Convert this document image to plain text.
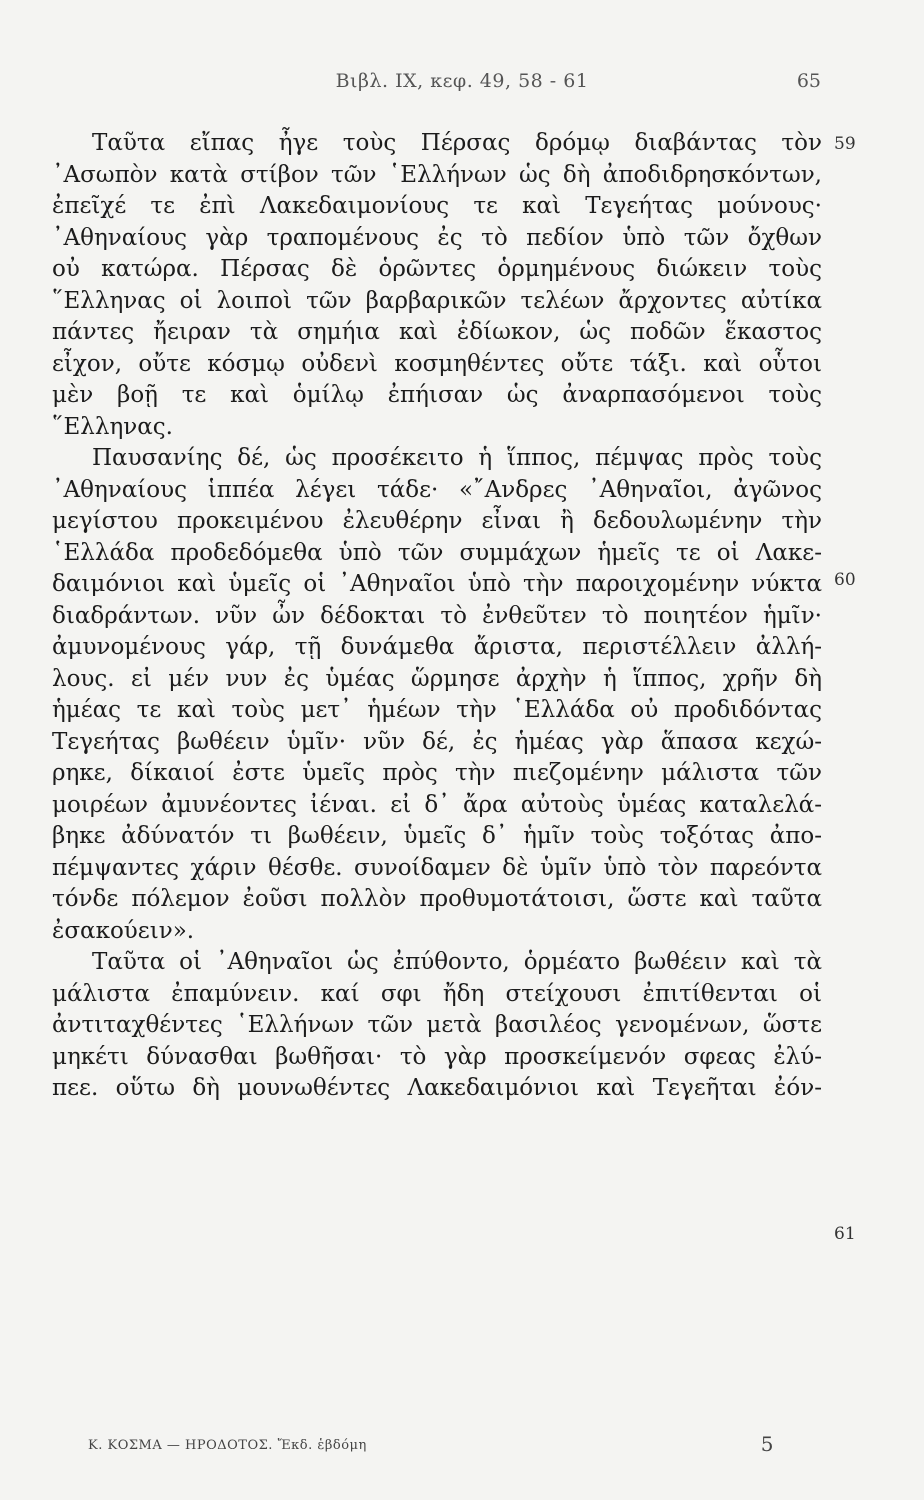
Βιβλ. IX, κεφ. 49, 58 - 61	65
Ταῦτα εἴπας ἦγε τοὺς Πέρσας δρόμῳ διαβάντας τὸν
᾿Ασωπὸν κατὰ στίβον τῶν ῾Ελλήνων ὡς δὴ ἀποδιδρησκόντων,
ἐπεῖχέ τε ἐπὶ Λακεδαιμονίους τε καὶ Τεγεήτας μούνους·
᾿Αθηναίους γὰρ τραπομένους ἐς τὸ πεδίον ὑπὸ τῶν ὄχθων
οὐ κατώρα. Πέρσας δὲ ὁρῶντες ὁρμημένους διώκειν τοὺς
῞Ελληνας οἱ λοιποὶ τῶν βαρβαρικῶν τελέων ἄρχοντες αὐτίκα
πάντες ἤειραν τὰ σημήια καὶ ἐδίωκον, ὡς ποδῶν ἕκαστος
εἶχον, οὔτε κόσμῳ οὐδενὶ κοσμηθέντες οὔτε τάξι. καὶ οὗτοι
μὲν βοῇ τε καὶ ὁμίλῳ ἐπήισαν ὡς ἀναρπασόμενοι τοὺς
῞Ελληνας.
Παυσανίης δέ, ὡς προσέκειτο ἡ ἵππος, πέμψας πρὸς τοὺς
᾿Αθηναίους ἱππέα λέγει τάδε· «῎Ανδρες ᾿Αθηναῖοι, ἀγῶνος
μεγίστου προκειμένου ἐλευθέρην εἶναι ἢ δεδουλωμένην τὴν
῾Ελλάδα προδεδόμεθα ὑπὸ τῶν συμμάχων ἡμεῖς τε οἱ Λακε-
δαιμόνιοι καὶ ὑμεῖς οἱ ᾿Αθηναῖοι ὑπὸ τὴν παροιχομένην νύκτα
διαδράντων. νῦν ὦν δέδοκται τὸ ἐνθεῦτεν τὸ ποιητέον ἡμῖν·
ἀμυνομένους γάρ, τῇ δυνάμεθα ἄριστα, περιστέλλειν ἀλλή-
λους. εἰ μέν νυν ἐς ὑμέας ὥρμησε ἀρχὴν ἡ ἵππος, χρῆν δὴ
ἡμέας τε καὶ τοὺς μετ᾿ ἡμέων τὴν ῾Ελλάδα οὐ προδιδόντας
Τεγεήτας βωθέειν ὑμῖν· νῦν δέ, ἐς ἡμέας γὰρ ἅπασα κεχώ-
ρηκε, δίκαιοί ἐστε ὑμεῖς πρὸς τὴν πιεζομένην μάλιστα τῶν
μοιρέων ἀμυνέοντες ἰέναι. εἰ δ᾿ ἄρα αὐτοὺς ὑμέας καταλελά-
βηκε ἀδύνατόν τι βωθέειν, ὑμεῖς δ᾿ ἡμῖν τοὺς τοξότας ἀπο-
πέμψαντες χάριν θέσθε. συνοίδαμεν δὲ ὑμῖν ὑπὸ τὸν παρεόντα
τόνδε πόλεμον ἐοῦσι πολλὸν προθυμοτάτοισι, ὥστε καὶ ταῦτα
ἐσακούειν».
Ταῦτα οἱ ᾿Αθηναῖοι ὡς ἐπύθοντο, ὁρμέατο βωθέειν καὶ τὰ
μάλιστα ἐπαμύνειν. καί σφι ἤδη στείχουσι ἐπιτίθενται οἱ
ἀντιταχθέντες ῾Ελλήνων τῶν μετὰ βασιλέος γενομένων, ὥστε
μηκέτι δύνασθαι βωθῆσαι· τὸ γὰρ προσκείμενόν σφεας ἐλύ-
πεε. οὕτω δὴ μουνωθέντες Λακεδαιμόνιοι καὶ Τεγεῆται ἐόν-
59
60
61
Κ. ΚΟΣΜΑ — ΗΡΟΔΟΤΟΣ. Ἔκδ. ἑβδόμη	5
